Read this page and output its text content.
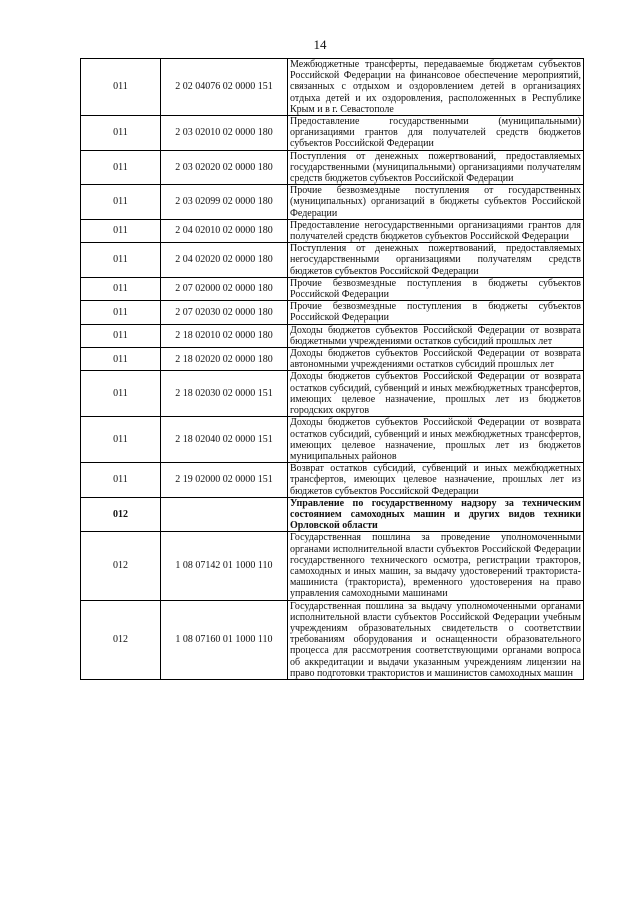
14
011	2 02 04076 02 0000 151	Межбюджетные трансферты, передаваемые бюджетам субъектов Российской Федерации на финансовое обеспечение мероприятий, связанных с отдыхом и оздоровлением детей в организациях отдыха детей и их оздоровления, расположенных в Республике Крым и в г. Севастополе
011	2 03 02010 02 0000 180	Предоставление государственными (муниципальными) организациями грантов для получателей средств бюджетов субъектов Российской Федерации
011	2 03 02020 02 0000 180	Поступления от денежных пожертвований, предоставляемых государственными (муниципальными) организациями получателям средств бюджетов субъектов Российской Федерации
011	2 03 02099 02 0000 180	Прочие безвозмездные поступления от государственных (муниципальных) организаций в бюджеты субъектов Российской Федерации
011	2 04 02010 02 0000 180	Предоставление негосударственными организациями грантов для получателей средств бюджетов субъектов Российской Федерации
011	2 04 02020 02 0000 180	Поступления от денежных пожертвований, предоставляемых негосударственными организациями получателям средств бюджетов субъектов Российской Федерации
011	2 07 02000 02 0000 180	Прочие безвозмездные поступления в бюджеты субъектов Российской Федерации
011	2 07 02030 02 0000 180	Прочие безвозмездные поступления в бюджеты субъектов Российской Федерации
011	2 18 02010 02 0000 180	Доходы бюджетов субъектов Российской Федерации от возврата бюджетными учреждениями остатков субсидий прошлых лет
011	2 18 02020 02 0000 180	Доходы бюджетов субъектов Российской Федерации от возврата автономными учреждениями остатков субсидий прошлых лет
011	2 18 02030 02 0000 151	Доходы бюджетов субъектов Российской Федерации от возврата остатков субсидий, субвенций и иных межбюджетных трансфертов, имеющих целевое назначение, прошлых лет из бюджетов городских округов
011	2 18 02040 02 0000 151	Доходы бюджетов субъектов Российской Федерации от возврата остатков субсидий, субвенций и иных межбюджетных трансфертов, имеющих целевое назначение, прошлых лет из бюджетов муниципальных районов
011	2 19 02000 02 0000 151	Возврат остатков субсидий, субвенций и иных межбюджетных трансфертов, имеющих целевое назначение, прошлых лет из бюджетов субъектов Российской Федерации
012		Управление по государственному надзору за техническим состоянием самоходных машин и других видов техники Орловской области
012	1 08 07142 01 1000 110	Государственная пошлина за проведение уполномоченными органами исполнительной власти субъектов Российской Федерации государственного технического осмотра, регистрации тракторов, самоходных и иных машин, за выдачу удостоверений тракториста-машиниста (тракториста), временного удостоверения на право управления самоходными машинами
012	1 08 07160 01 1000 110	Государственная пошлина за выдачу уполномоченными органами исполнительной власти субъектов Российской Федерации учебным учреждениям образовательных свидетельств о соответствии требованиям оборудования и оснащенности образовательного процесса для рассмотрения соответствующими органами вопроса об аккредитации и выдачи указанным учреждениям лицензии на право подготовки трактористов и машинистов самоходных машин
